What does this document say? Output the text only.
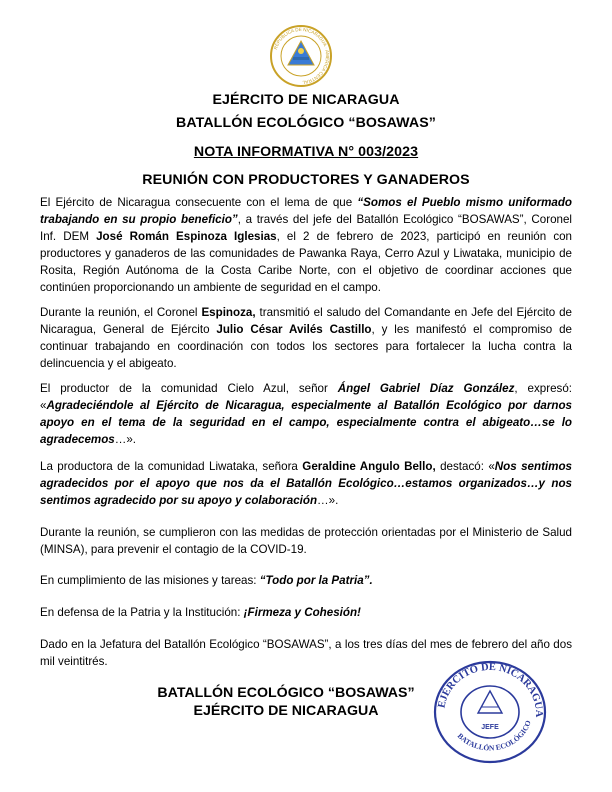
REPÚBLICA DE NICARAGUA · AMÉRICA CENTRAL
EJÉRCITO DE NICARAGUA
BATALLÓN ECOLÓGICO “BOSAWAS”
NOTA INFORMATIVA N° 003/2023
REUNIÓN CON PRODUCTORES Y GANADEROS

El Ejército de Nicaragua consecuente con el lema de que “Somos el Pueblo mismo uniformado trabajando en su propio beneficio”, a través del jefe del Batallón Ecológico “BOSAWAS”, Coronel Inf. DEM José Román Espinoza Iglesias, el 2 de febrero de 2023, participó en reunión con productores y ganaderos de las comunidades de Pawanka Raya, Cerro Azul y Liwataka, municipio de Rosita, Región Autónoma de la Costa Caribe Norte, con el objetivo de coordinar acciones que continúen proporcionando un ambiente de seguridad en el campo.

Durante la reunión, el Coronel Espinoza, transmitió el saludo del Comandante en Jefe del Ejército de Nicaragua, General de Ejército Julio César Avilés Castillo, y les manifestó el compromiso de continuar trabajando en coordinación con todos los sectores para fortalecer la lucha contra la delincuencia y el abigeato.

El productor de la comunidad Cielo Azul, señor Ángel Gabriel Díaz González, expresó: «Agradeciéndole al Ejército de Nicaragua, especialmente al Batallón Ecológico por darnos apoyo en el tema de la seguridad en el campo, especialmente contra el abigeato…se lo agradecemos…».

La productora de la comunidad Liwataka, señora Geraldine Angulo Bello, destacó: «Nos sentimos agradecidos por el apoyo que nos da el Batallón Ecológico…estamos organizados…y nos sentimos agradecido por su apoyo y colaboración…».

Durante la reunión, se cumplieron con las medidas de protección orientadas por el Ministerio de Salud (MINSA), para prevenir el contagio de la COVID-19.

En cumplimiento de las misiones y tareas: “Todo por la Patria”.

En defensa de la Patria y la Institución: ¡Firmeza y Cohesión!

Dado en la Jefatura del Batallón Ecológico “BOSAWAS”, a los tres días del mes de febrero del año dos mil veintitrés.

BATALLÓN ECOLÓGICO “BOSAWAS”
EJÉRCITO DE NICARAGUA	EJÉRCITO DE NICARAGUA
BATALLÓN ECOLÓGICO
JEFE
